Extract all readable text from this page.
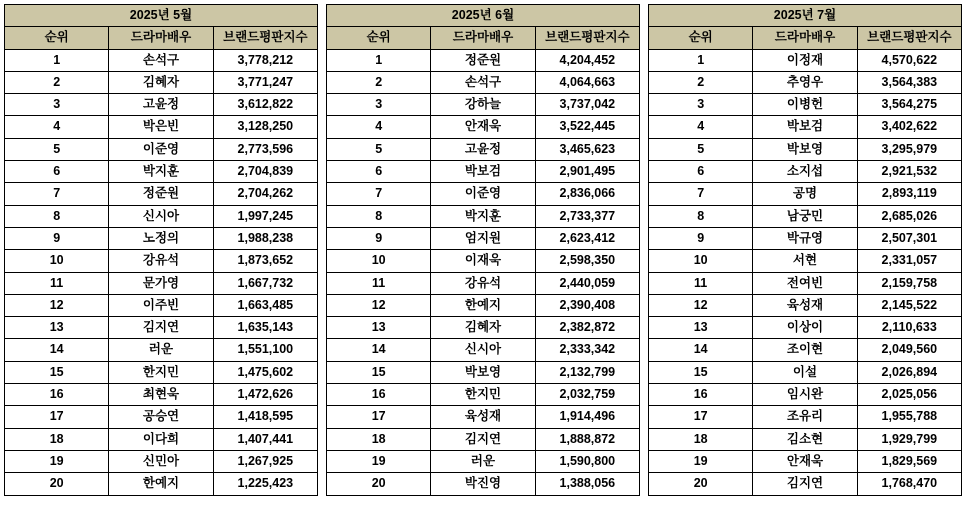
2025년 5월		
순위	드라마배우	브랜드평판지수
1	손석구	3,778,212
2	김혜자	3,771,247
3	고윤정	3,612,822
4	박은빈	3,128,250
5	이준영	2,773,596
6	박지훈	2,704,839
7	정준원	2,704,262
8	신시아	1,997,245
9	노정의	1,988,238
10	강유석	1,873,652
11	문가영	1,667,732
12	이주빈	1,663,485
13	김지연	1,635,143
14	러운	1,551,100
15	한지민	1,475,602
16	최현욱	1,472,626
17	공승연	1,418,595
18	이다희	1,407,441
19	신민아	1,267,925
20	한예지	1,225,423
2025년 6월		
순위	드라마배우	브랜드평판지수
1	정준원	4,204,452
2	손석구	4,064,663
3	강하늘	3,737,042
4	안재욱	3,522,445
5	고윤정	3,465,623
6	박보검	2,901,495
7	이준영	2,836,066
8	박지훈	2,733,377
9	엄지원	2,623,412
10	이재욱	2,598,350
11	강유석	2,440,059
12	한예지	2,390,408
13	김혜자	2,382,872
14	신시아	2,333,342
15	박보영	2,132,799
16	한지민	2,032,759
17	육성재	1,914,496
18	김지연	1,888,872
19	러운	1,590,800
20	박진영	1,388,056
2025년 7월		
순위	드라마배우	브랜드평판지수
1	이정재	4,570,622
2	추영우	3,564,383
3	이병헌	3,564,275
4	박보검	3,402,622
5	박보영	3,295,979
6	소지섭	2,921,532
7	공명	2,893,119
8	남궁민	2,685,026
9	박규영	2,507,301
10	서현	2,331,057
11	전여빈	2,159,758
12	육성재	2,145,522
13	이상이	2,110,633
14	조이현	2,049,560
15	이설	2,026,894
16	임시완	2,025,056
17	조유리	1,955,788
18	김소현	1,929,799
19	안재욱	1,829,569
20	김지연	1,768,470
